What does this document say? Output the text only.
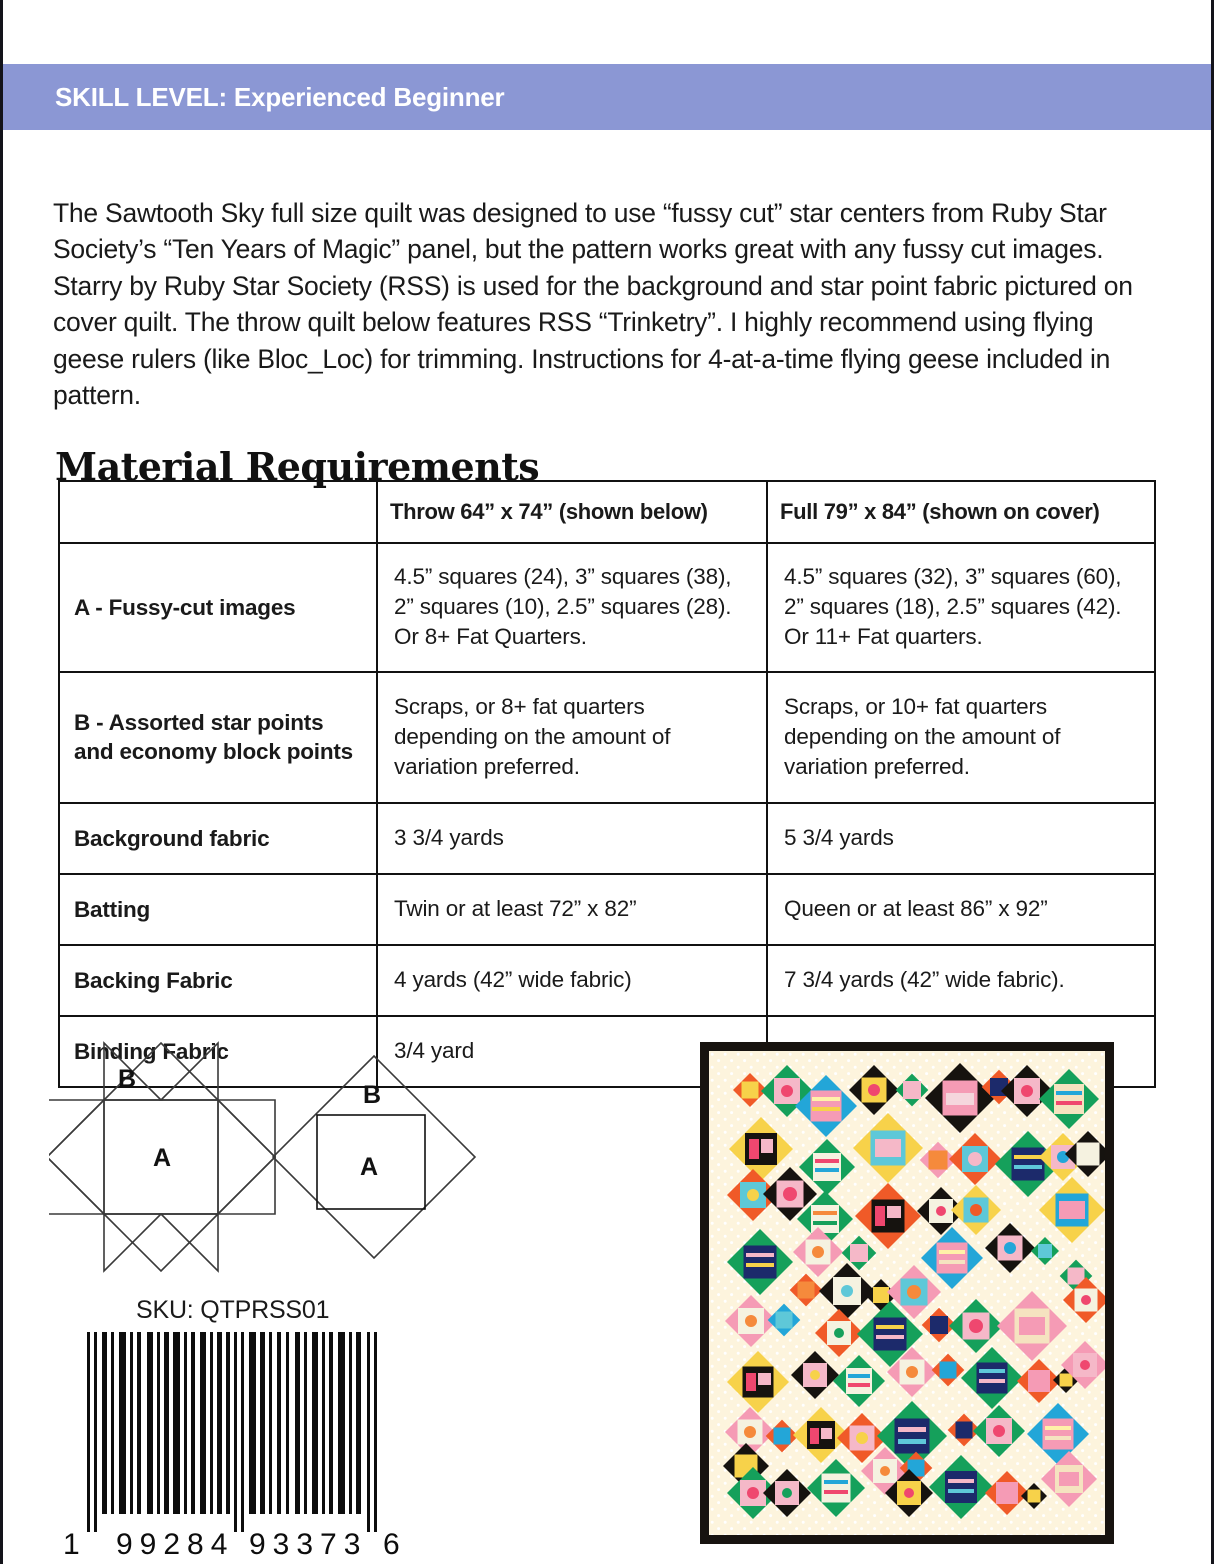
SKILL LEVEL: Experienced Beginner

The Sawtooth Sky full size quilt was designed to use “fussy cut” star centers from Ruby Star Society’s “Ten Years of Magic” panel, but the pattern works great with any fussy cut images. Starry by Ruby Star Society (RSS) is used for the background and star point fabric pictured on cover quilt. The throw quilt below features RSS “Trinketry”. I highly recommend using flying geese rulers (like Bloc_Loc) for trimming. Instructions for 4-at-a-time flying geese included in pattern.

Material Requirements
	Throw 64” x 74” (shown below)	Full 79” x 84” (shown on cover)
A - Fussy-cut images	4.5” squares (24), 3” squares (38), 2” squares (10), 2.5” squares (28). Or 8+ Fat Quarters.	4.5” squares (32), 3” squares (60), 2” squares (18), 2.5” squares (42). Or 11+ Fat quarters.
B - Assorted star points and economy block points	Scraps, or 8+ fat quarters depending on the amount of variation preferred.	Scraps, or 10+ fat quarters depending on the amount of variation preferred.
Background fabric	3 3/4 yards	5 3/4 yards
Batting	Twin or at least 72” x 82”	Queen or at least 86” x 92”
Backing Fabric	4 yards (42” wide fabric)	7 3/4 yards (42” wide fabric).
Binding Fabric	3/4 yard	
B
A
B
A
SKU: QTPRSS01
1 99284 93373 6
